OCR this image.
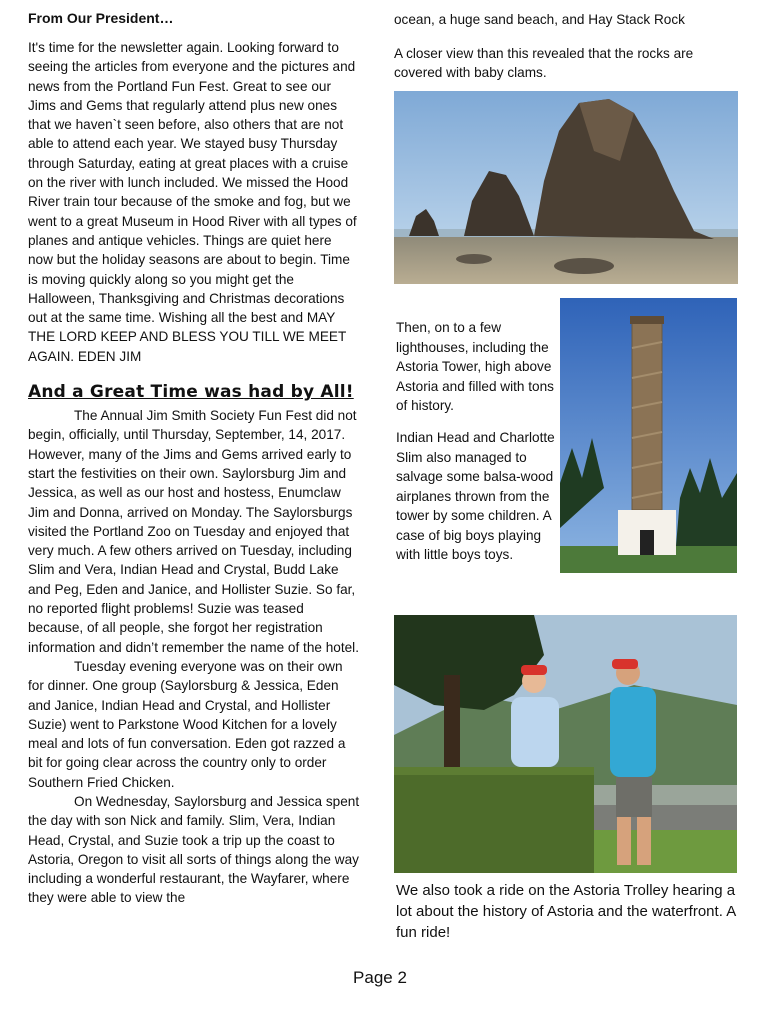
From Our President…

It's time for the newsletter again. Looking forward to seeing the articles from everyone and the pictures and news from the Portland Fun Fest. Great to see our Jims and Gems that regularly attend plus new ones that we haven`t seen before, also others that are not able to attend each year. We stayed busy Thursday through Saturday, eating at great places with a cruise on the river with lunch included. We missed the Hood River train tour because of the smoke and fog, but we went to a great Museum in Hood River with all types of planes and antique vehicles. Things are quiet here now but the holiday seasons are about to begin. Time is moving quickly along so you might get the Halloween, Thanksgiving and Christmas decorations out at the same time. Wishing all the best and MAY THE LORD KEEP AND BLESS YOU TILL WE MEET AGAIN. EDEN JIM

And a Great Time was had by All!

The Annual Jim Smith Society Fun Fest did not begin, officially, until Thursday, September, 14, 2017. However, many of the Jims and Gems arrived early to start the festivities on their own. Saylorsburg Jim and Jessica, as well as our host and hostess, Enumclaw Jim and Donna, arrived on Monday. The Saylorsburgs visited the Portland Zoo on Tuesday and enjoyed that very much. A few others arrived on Tuesday, including Slim and Vera, Indian Head and Crystal, Budd Lake and Peg, Eden and Janice, and Hollister Suzie. So far, no reported flight problems! Suzie was teased because, of all people, she forgot her registration information and didn’t remember the name of the hotel.

Tuesday evening everyone was on their own for dinner. One group (Saylorsburg & Jessica, Eden and Janice, Indian Head and Crystal, and Hollister Suzie) went to Parkstone Wood Kitchen for a lovely meal and lots of fun conversation. Eden got razzed a bit for going clear across the country only to order Southern Fried Chicken.

On Wednesday, Saylorsburg and Jessica spent the day with son Nick and family. Slim, Vera, Indian Head, Crystal, and Suzie took a trip up the coast to Astoria, Oregon to visit all sorts of things along the way including a wonderful restaurant, the Wayfarer, where they were able to view the

ocean, a huge sand beach, and Hay Stack Rock

A closer view than this revealed that the rocks are covered with baby clams.

Then, on to a few lighthouses, including the Astoria Tower, high above Astoria and filled with tons of history.

Indian Head and Charlotte Slim also managed to salvage some balsa-wood airplanes thrown from the tower by some children. A case of big boys playing with little boys toys.

We also took a ride on the Astoria Trolley hearing a lot about the history of Astoria and the waterfront. A fun ride!

Page 2
